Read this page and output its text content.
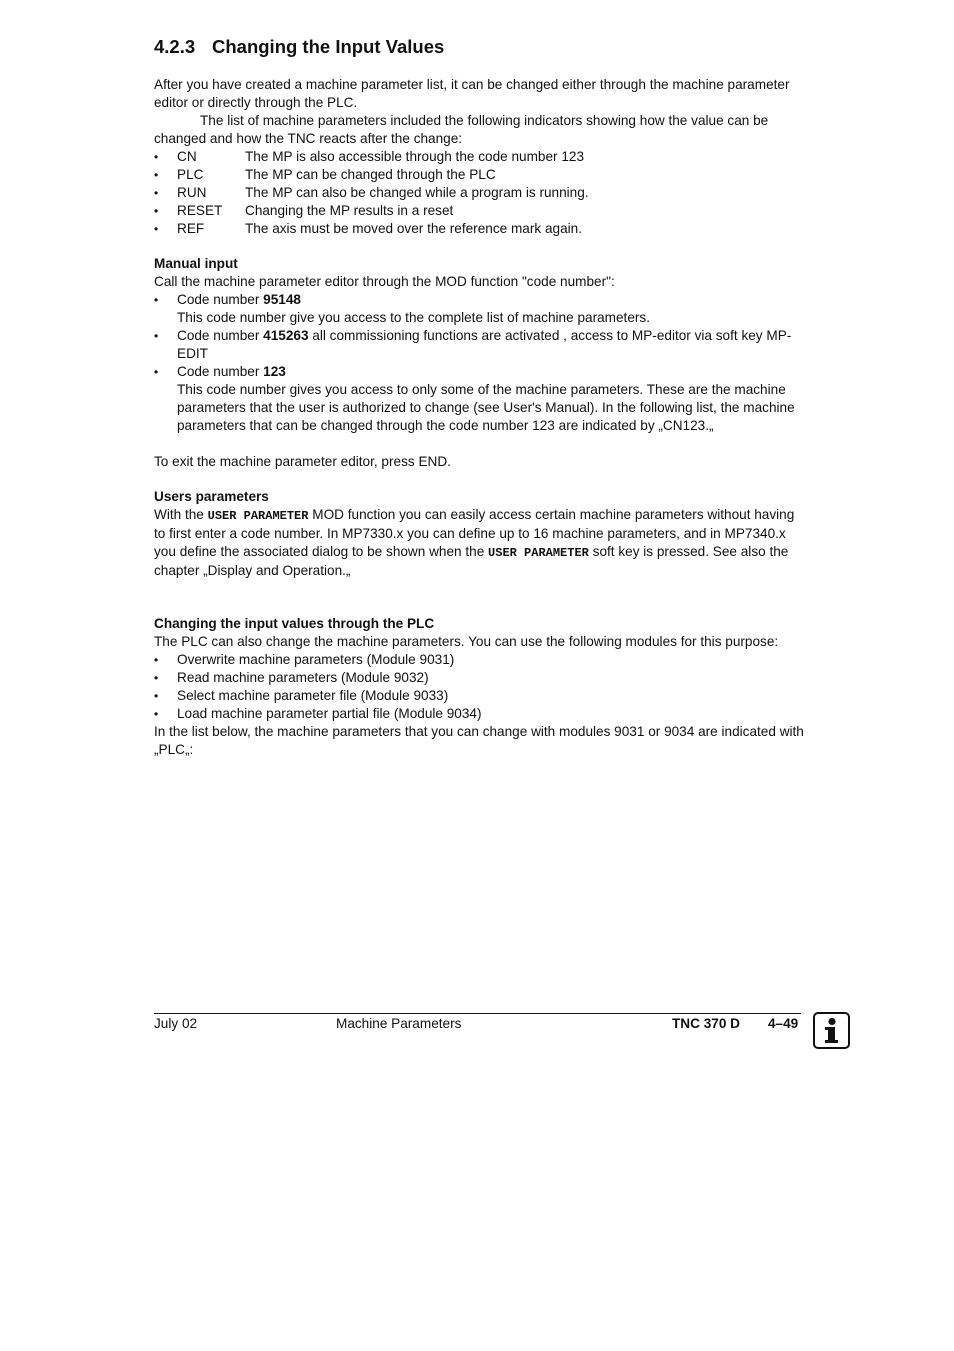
4.2.3 Changing the Input Values

After you have created a machine parameter list, it can be changed either through the machine parameter editor or directly through the PLC.

The list of machine parameters included the following indicators showing how the value can be changed and how the TNC reacts after the change:

• CN	The MP is also accessible through the code number 123
• PLC	The MP can be changed through the PLC
• RUN	The MP can also be changed while a program is running.
• RESET Changing the MP results in a reset
• REF	The axis must be moved over the reference mark again.

Manual input

Call the machine parameter editor through the MOD function "code number":

• Code number 95148
This code number give you access to the complete list of machine parameters.
• Code number 415263 all commissioning functions are activated , access to MP-editor via soft key MP-EDIT
• Code number 123
This code number gives you access to only some of the machine parameters. These are the machine parameters that the user is authorized to change (see User's Manual). In the following list, the machine parameters that can be changed through the code number 123 are indicated by „CN123.„

To exit the machine parameter editor, press END.

Users parameters

With the USER PARAMETER MOD function you can easily access certain machine parameters without having to first enter a code number. In MP7330.x you can define up to 16 machine parameters, and in MP7340.x you define the associated dialog to be shown when the USER PARAMETER soft key is pressed. See also the chapter „Display and Operation.„

Changing the input values through the PLC

The PLC can also change the machine parameters. You can use the following modules for this purpose:

• Overwrite machine parameters (Module 9031)
• Read machine parameters (Module 9032)
• Select machine parameter file (Module 9033)
• Load machine parameter partial file (Module 9034)

In the list below, the machine parameters that you can change with modules 9031 or 9034 are indicated with „PLC„:

July 02	Machine Parameters	TNC 370 D 4–49
